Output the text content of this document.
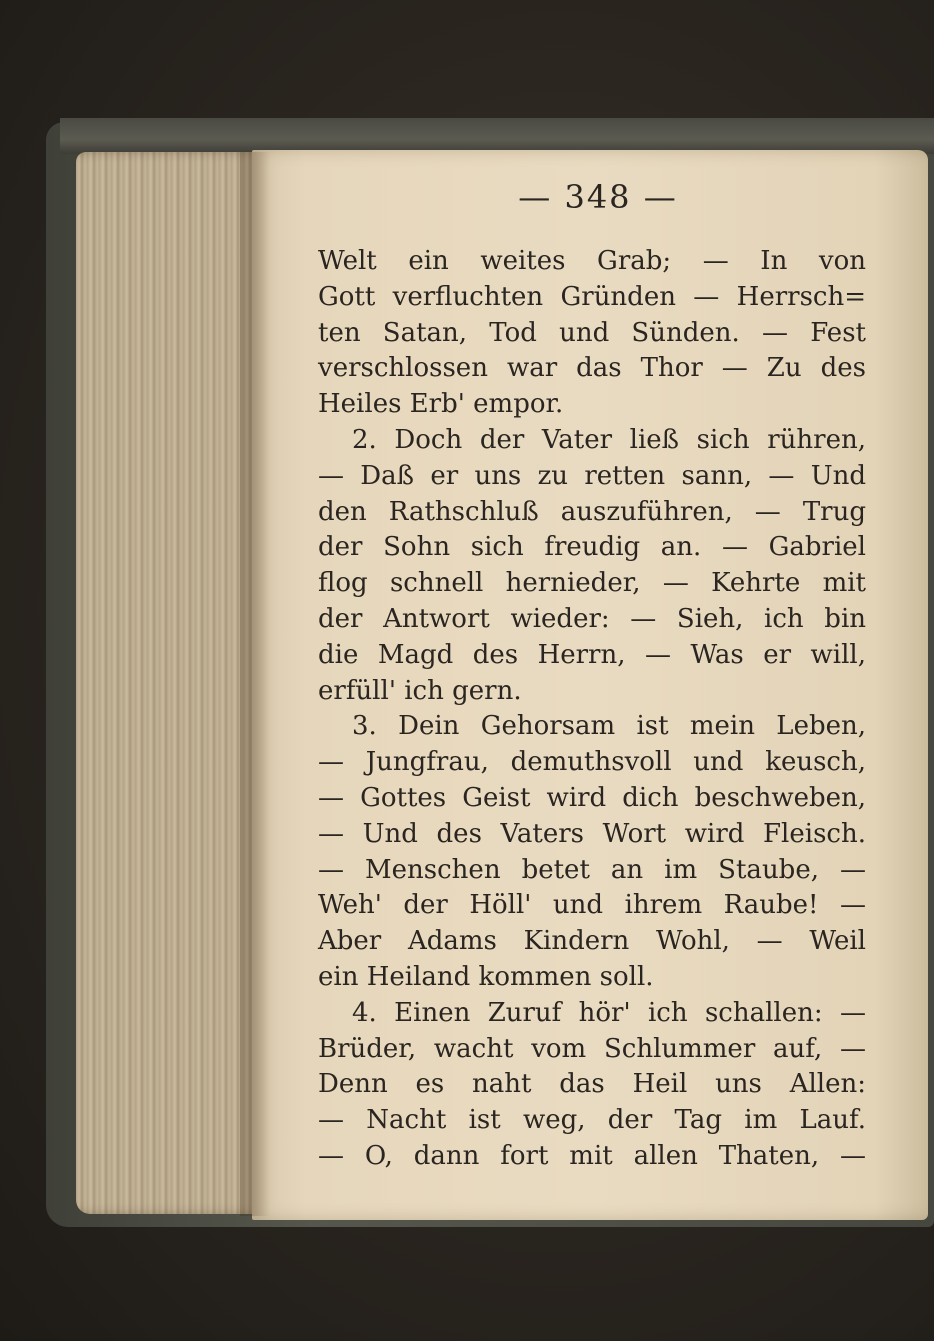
— 348 —
Welt ein weites Grab; — In von
Gott verfluchten Gründen — Herrsch=
ten Satan, Tod und Sünden. — Fest
verschlossen war das Thor — Zu des
Heiles Erb' empor.
2. Doch der Vater ließ sich rühren,
— Daß er uns zu retten sann, — Und
den Rathschluß auszuführen, — Trug
der Sohn sich freudig an. — Gabriel
flog schnell hernieder, — Kehrte mit
der Antwort wieder: — Sieh, ich bin
die Magd des Herrn, — Was er will,
erfüll' ich gern.
3. Dein Gehorsam ist mein Leben,
— Jungfrau, demuthsvoll und keusch,
— Gottes Geist wird dich beschweben,
— Und des Vaters Wort wird Fleisch.
— Menschen betet an im Staube, —
Weh' der Höll' und ihrem Raube! —
Aber Adams Kindern Wohl, — Weil
ein Heiland kommen soll.
4. Einen Zuruf hör' ich schallen: —
Brüder, wacht vom Schlummer auf, —
Denn es naht das Heil uns Allen:
— Nacht ist weg, der Tag im Lauf.
— O, dann fort mit allen Thaten, —
